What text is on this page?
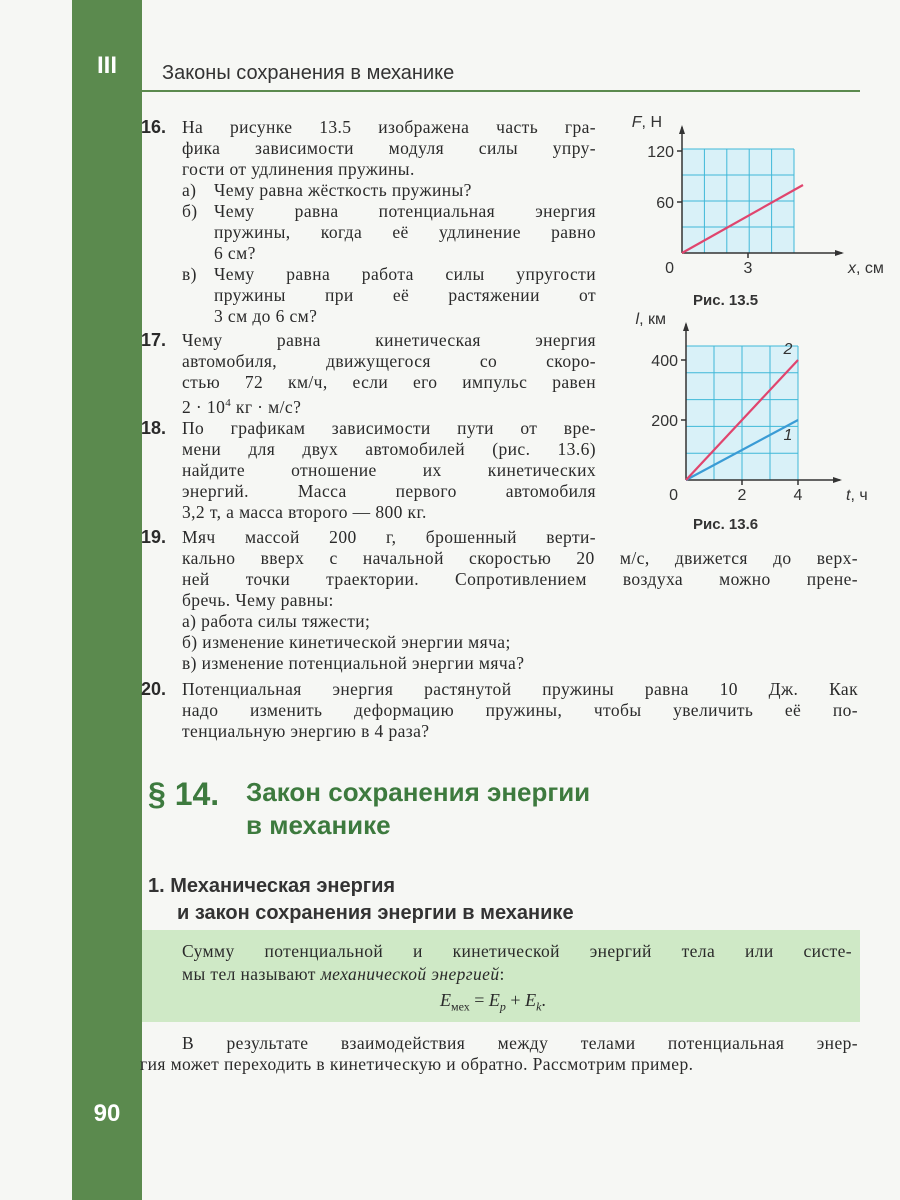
III	Законы сохранения в механике
16. На рисунке 13.5 изображена часть гра-
фика зависимости модуля силы упру-
гости от удлинения пружины.
а) Чему равна жёсткость пружины?
б) Чему равна потенциальная энергия
пружины, когда её удлинение равно
6 см?
в) Чему равна работа силы упругости
пружины при её растяжении от
3 см до 6 см?
17. Чему равна кинетическая энергия
автомобиля, движущегося со скоро-
стью 72 км/ч, если его импульс равен
$2 \cdot 10^4$ кг · м/с?
18. По графикам зависимости пути от вре-
мени для двух автомобилей (рис. 13.6)
найдите отношение их кинетических
энергий. Масса первого автомобиля
3,2 т, а масса второго — 800 кг.
19. Мяч массой 200 г, брошенный верти-
кально вверх с начальной скоростью 20 м/с, движется до верх-
ней точки траектории. Сопротивлением воздуха можно прене-
бречь. Чему равны:
а) работа силы тяжести;
б) изменение кинетической энергии мяча;
в) изменение потенциальной энергии мяча?
20. Потенциальная энергия растянутой пружины равна 10 Дж. Как
надо изменить деформацию пружины, чтобы увеличить её по-
тенциальную энергию в 4 раза?
120
60
0	3
F, Н
x, см
Рис. 13.5
400
200
0	2	4
l, км
t, ч
1
2
Рис. 13.6
§ 14. Закон сохранения энергии
в механике
1. Механическая энергия
и закон сохранения энергии в механике
Сумму потенциальной и кинетической энергий тела или систе-
мы тел называют механической энергией:
$E_{мех} = E_p + E_k$.
В результате взаимодействия между телами потенциальная энер-
гия может переходить в кинетическую и обратно. Рассмотрим пример.
90
